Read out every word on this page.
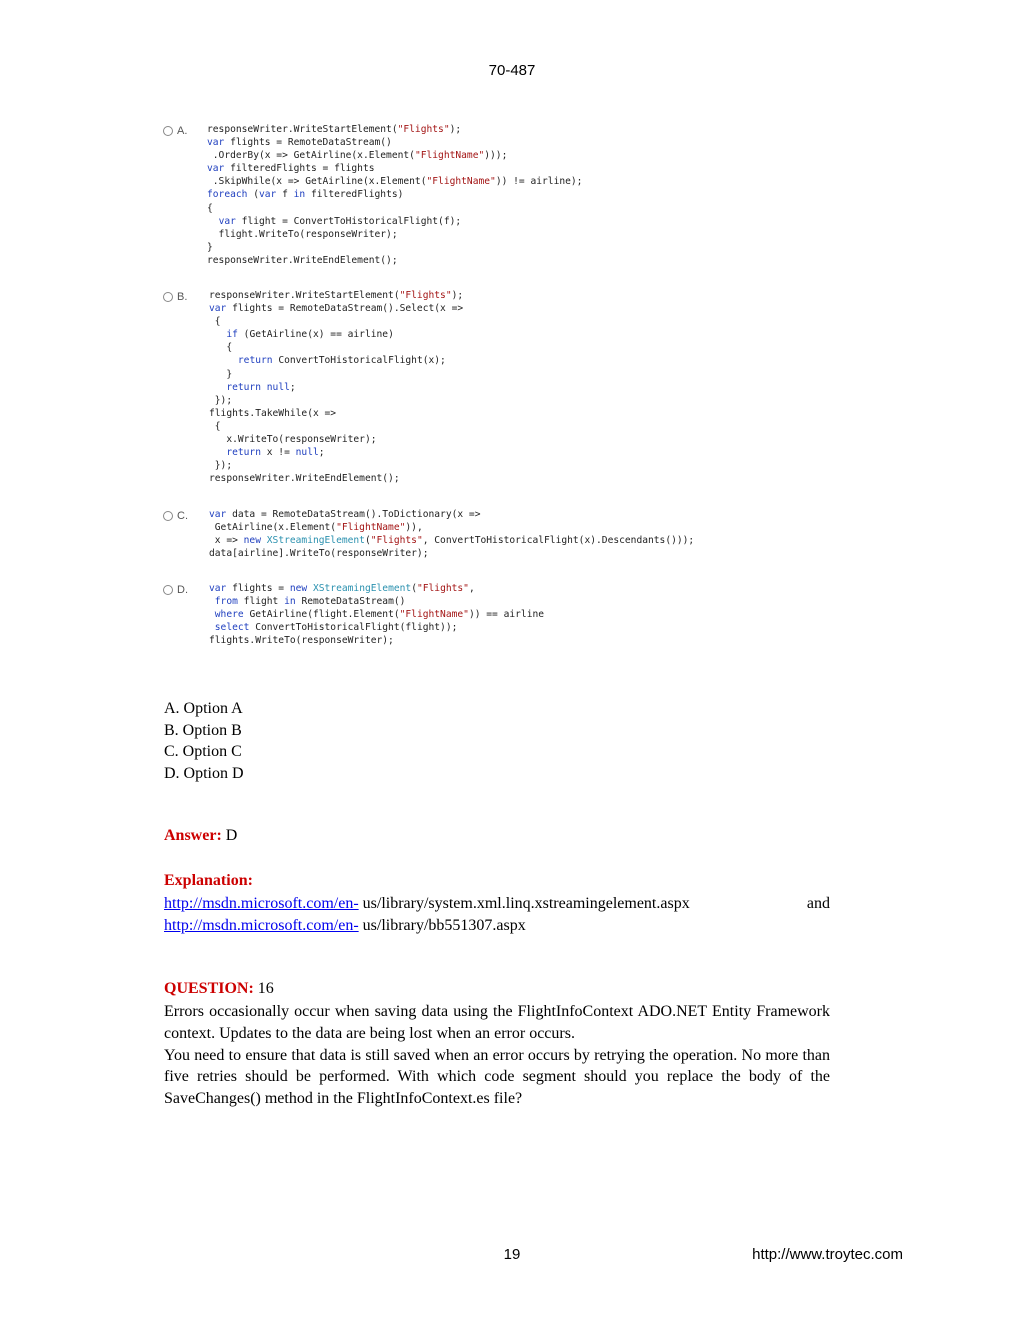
70-487
A. responseWriter.WriteStartElement("Flights");
var flights = RemoteDataStream()
.OrderBy(x => GetAirline(x.Element("FlightName")));
var filteredFlights = flights
.SkipWhile(x => GetAirline(x.Element("FlightName")) != airline);
foreach (var f in filteredFlights)
{
var flight = ConvertToHistoricalFlight(f);
flight.WriteTo(responseWriter);
}
responseWriter.WriteEndElement();
B. responseWriter.WriteStartElement("Flights");
var flights = RemoteDataStream().Select(x =>
{
if (GetAirline(x) == airline)
{
return ConvertToHistoricalFlight(x);
}
return null;
});
flights.TakeWhile(x =>
{
x.WriteTo(responseWriter);
return x != null;
});
responseWriter.WriteEndElement();
C. var data = RemoteDataStream().ToDictionary(x =>
GetAirline(x.Element("FlightName")),
x => new XStreamingElement("Flights", ConvertToHistoricalFlight(x).Descendants()));
data[airline].WriteTo(responseWriter);
D. var flights = new XStreamingElement("Flights",
from flight in RemoteDataStream()
where GetAirline(flight.Element("FlightName")) == airline
select ConvertToHistoricalFlight(flight));
flights.WriteTo(responseWriter);
A. Option A
B. Option B
C. Option C
D. Option D
Answer: D
Explanation:
http://msdn.microsoft.com/en- us/library/system.xml.linq.xstreamingelement.aspx	and
http://msdn.microsoft.com/en- us/library/bb551307.aspx
QUESTION: 16

Errors occasionally occur when saving data using the FlightInfoContext ADO.NET Entity Framework context. Updates to the data are being lost when an error occurs.

You need to ensure that data is still saved when an error occurs by retrying the operation. No more than five retries should be performed. With which code segment should you replace the body of the SaveChanges() method in the FlightInfoContext.es file?

19	http://www.troytec.com
